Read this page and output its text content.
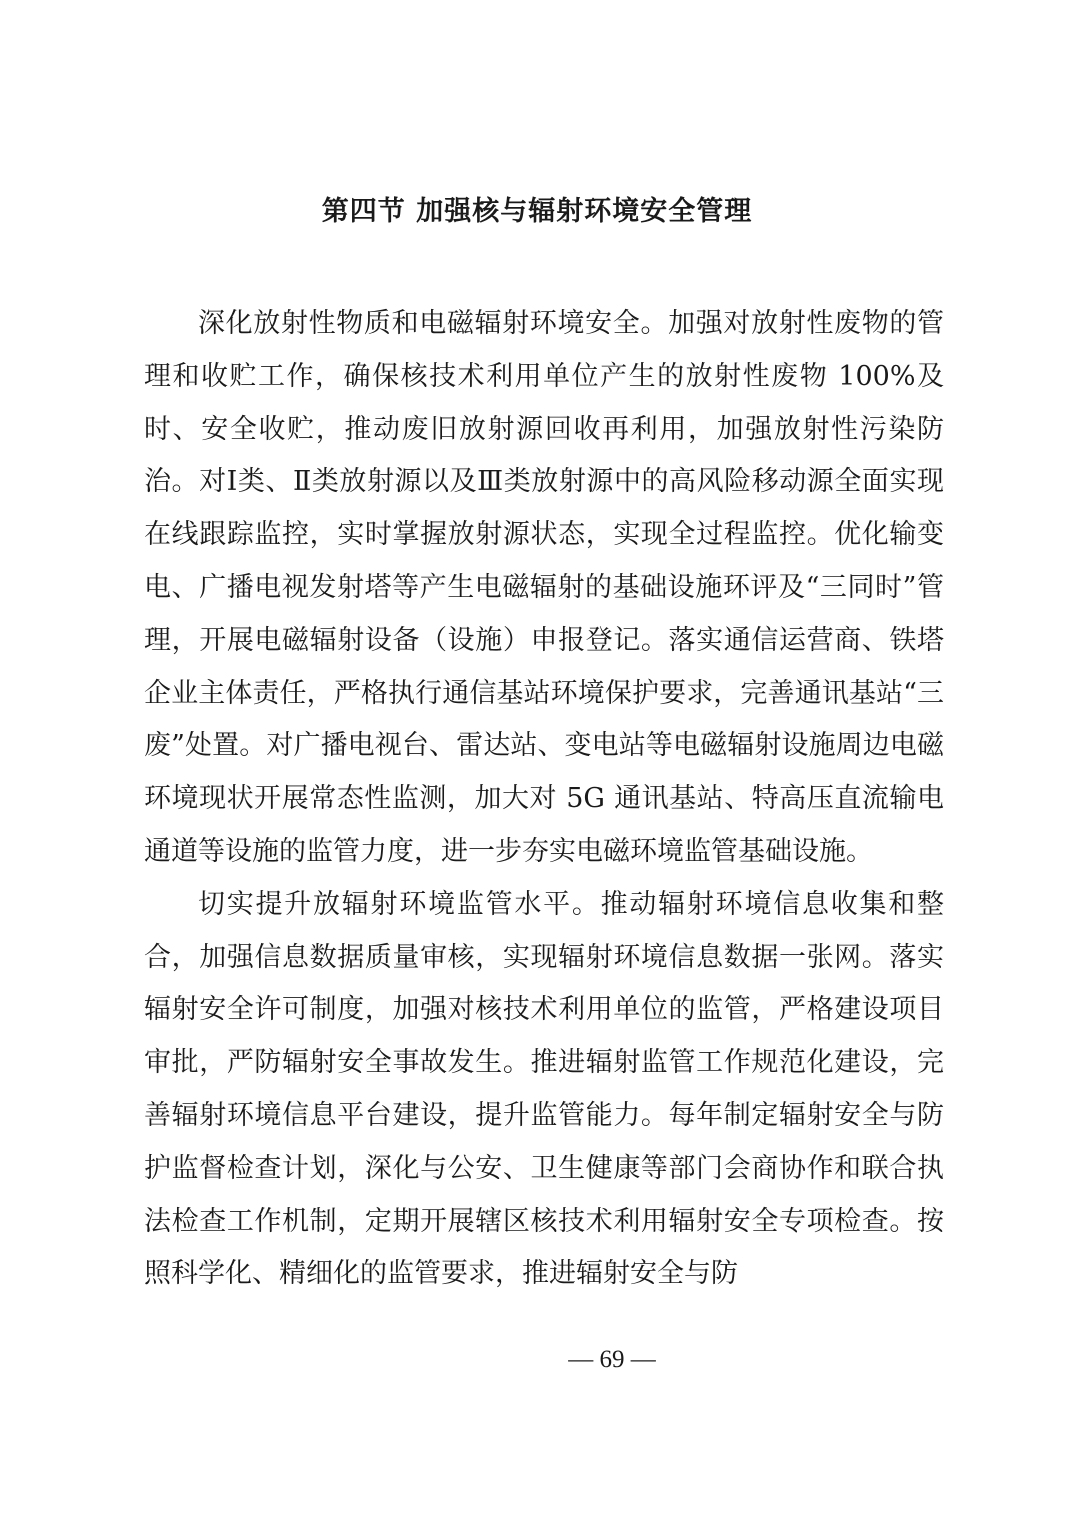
第四节 加强核与辐射环境安全管理

深化放射性物质和电磁辐射环境安全。加强对放射性废物的管理和收贮工作，确保核技术利用单位产生的放射性废物 100%及时、安全收贮，推动废旧放射源回收再利用，加强放射性污染防治。对Ⅰ类、Ⅱ类放射源以及Ⅲ类放射源中的高风险移动源全面实现在线跟踪监控，实时掌握放射源状态，实现全过程监控。优化输变电、广播电视发射塔等产生电磁辐射的基础设施环评及“三同时”管理，开展电磁辐射设备（设施）申报登记。落实通信运营商、铁塔企业主体责任，严格执行通信基站环境保护要求，完善通讯基站“三废”处置。对广播电视台、雷达站、变电站等电磁辐射设施周边电磁环境现状开展常态性监测，加大对 5G 通讯基站、特高压直流输电通道等设施的监管力度，进一步夯实电磁环境监管基础设施。

切实提升放辐射环境监管水平。推动辐射环境信息收集和整合，加强信息数据质量审核，实现辐射环境信息数据一张网。落实辐射安全许可制度，加强对核技术利用单位的监管，严格建设项目审批，严防辐射安全事故发生。推进辐射监管工作规范化建设，完善辐射环境信息平台建设，提升监管能力。每年制定辐射安全与防护监督检查计划，深化与公安、卫生健康等部门会商协作和联合执法检查工作机制，定期开展辖区核技术利用辐射安全专项检查。按照科学化、精细化的监管要求，推进辐射安全与防

— 69 —
